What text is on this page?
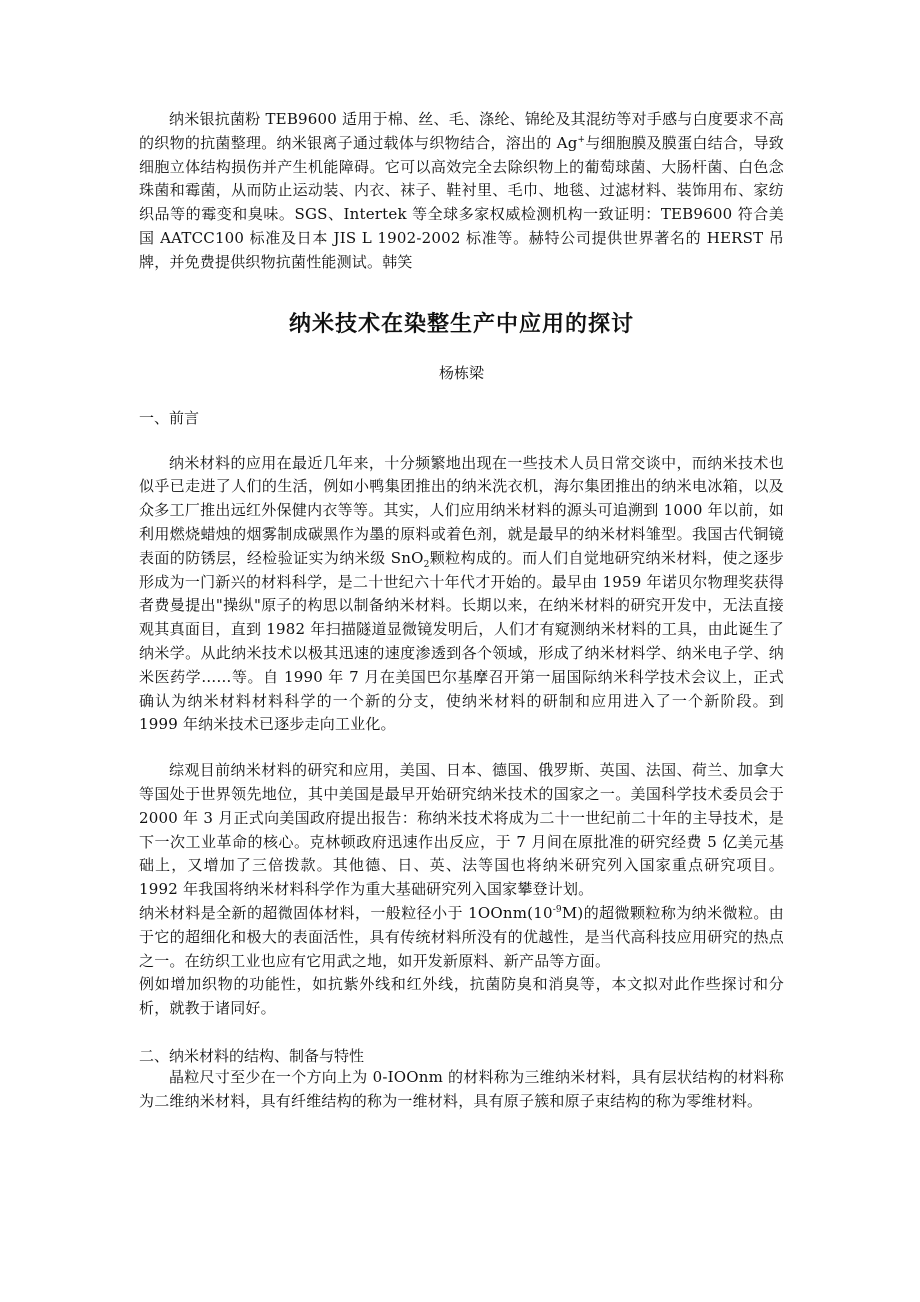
纳米银抗菌粉 TEB9600 适用于棉、丝、毛、涤纶、锦纶及其混纺等对手感与白度要求不高的织物的抗菌整理。纳米银离子通过载体与织物结合，溶出的 Ag+与细胞膜及膜蛋白结合，导致细胞立体结构损伤并产生机能障碍。它可以高效完全去除织物上的葡萄球菌、大肠杆菌、白色念珠菌和霉菌，从而防止运动装、内衣、袜子、鞋衬里、毛巾、地毯、过滤材料、装饰用布、家纺织品等的霉变和臭味。SGS、Intertek 等全球多家权威检测机构一致证明：TEB9600 符合美国 AATCC100 标准及日本 JIS L 1902-2002 标准等。赫特公司提供世界著名的 HERST 吊牌，并免费提供织物抗菌性能测试。韩笑

纳米技术在染整生产中应用的探讨

杨栋梁

一、前言

纳米材料的应用在最近几年来，十分频繁地出现在一些技术人员日常交谈中，而纳米技术也似乎已走进了人们的生活，例如小鸭集团推出的纳米洗衣机，海尔集团推出的纳米电冰箱，以及众多工厂推出远红外保健内衣等等。其实，人们应用纳米材料的源头可追溯到 1000 年以前，如利用燃烧蜡烛的烟雾制成碳黑作为墨的原料或着色剂，就是最早的纳米材料雏型。我国古代铜镜表面的防锈层，经检验证实为纳米级 SnO$_2$颗粒构成的。而人们自觉地研究纳米材料，使之逐步形成为一门新兴的材料科学，是二十世纪六十年代才开始的。最早由 1959 年诺贝尔物理奖获得者费曼提出"操纵"原子的构思以制备纳米材料。长期以来，在纳米材料的研究开发中，无法直接观其真面目，直到 1982 年扫描隧道显微镜发明后，人们才有窥测纳米材料的工具，由此诞生了纳米学。从此纳米技术以极其迅速的速度渗透到各个领域，形成了纳米材料学、纳米电子学、纳米医药学……等。自 1990 年 7 月在美国巴尔基摩召开第一届国际纳米科学技术会议上，正式确认为纳米材料材料科学的一个新的分支，使纳米材料的研制和应用进入了一个新阶段。到 1999 年纳米技术已逐步走向工业化。

综观目前纳米材料的研究和应用，美国、日本、德国、俄罗斯、英国、法国、荷兰、加拿大等国处于世界领先地位，其中美国是最早开始研究纳米技术的国家之一。美国科学技术委员会于 2000 年 3 月正式向美国政府提出报告：称纳米技术将成为二十一世纪前二十年的主导技术，是下一次工业革命的核心。克林顿政府迅速作出反应，于 7 月间在原批准的研究经费 5 亿美元基础上，又增加了三倍拨款。其他德、日、英、法等国也将纳米研究列入国家重点研究项目。1992 年我国将纳米材料科学作为重大基础研究列入国家攀登计划。

纳米材料是全新的超微固体材料，一般粒径小于 $1OOnm(10^{-9}M)$的超微颗粒称为纳米微粒。由于它的超细化和极大的表面活性，具有传统材料所没有的优越性，是当代高科技应用研究的热点之一。在纺织工业也应有它用武之地，如开发新原料、新产品等方面。

例如增加织物的功能性，如抗紫外线和红外线，抗菌防臭和消臭等，本文拟对此作些探讨和分析，就教于诸同好。

二、纳米材料的结构、制备与特性

晶粒尺寸至少在一个方向上为 0-IOOnm 的材料称为三维纳米材料，具有层状结构的材料称为二维纳米材料，具有纤维结构的称为一维材料，具有原子簇和原子束结构的称为零维材料。
